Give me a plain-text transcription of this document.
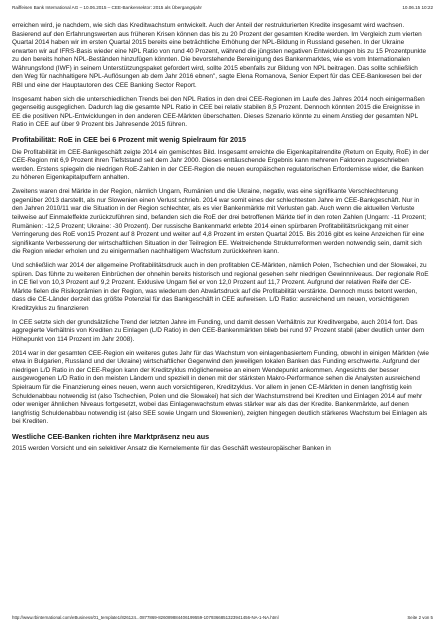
Raiffeisen Bank International AG – 10.06.2015 – CEE-Bankensektor: 2015 als Übergangsjahr	10.06.15 10:22

erreichen wird, je nachdem, wie sich das Kreditwachstum entwickelt. Auch der Anteil der restrukturierten Kredite insgesamt wird wachsen. Basierend auf den Erfahrungswerten aus früheren Krisen können das bis zu 20 Prozent der gesamten Kredite werden. Im Vergleich zum vierten Quartal 2014 haben wir im ersten Quartal 2015 bereits eine beträchtliche Erhöhung der NPL-Bildung in Russland gesehen. In der Ukraine erwarten wir auf IFRS-Basis wieder eine NPL Ratio von rund 40 Prozent, während die jüngsten negativen Entwicklungen bis zu 15 Prozentpunkte zu den bereits hohen NPL-Beständen hinzufügen könnten. Die bevorstehende Bereinigung des Bankenmarktes, wie es vom Internationalen Währungsfond (IWF) in seinem Unterstützungspaket gefordert wird, sollte 2015 ebenfalls zur Bildung von NPL beitragen. Das sollte schließlich den Weg für nachhaltigere NPL-Auflösungen ab dem Jahr 2016 ebnen", sagte Elena Romanova, Senior Expert für das CEE-Bankwesen bei der RBI und eine der Hauptautoren des CEE Banking Sector Report.

Insgesamt haben sich die unterschiedlichen Trends bei den NPL Ratios in den drei CEE-Regionen im Laufe des Jahres 2014 noch einigermaßen gegenseitig ausgeglichen. Dadurch lag die gesamte NPL Ratio in CEE bei relativ stabilen 8,5 Prozent. Dennoch könnten 2015 die Ereignisse in EE die positiven NPL-Entwicklungen in den anderen CEE-Märkten überschatten. Dieses Szenario könnte zu einem Anstieg der gesamten NPL Ratio in CEE auf über 9 Prozent bis Jahresende 2015 führen.

Profitabilität: RoE in CEE bei 6 Prozent mit wenig Spielraum für 2015

Die Profitabilität im CEE-Bankgeschäft zeigte 2014 ein gemischtes Bild. Insgesamt erreichte die Eigenkapitalrendite (Return on Equity, RoE) in der CEE-Region mit 6,9 Prozent ihren Tiefststand seit dem Jahr 2000. Dieses enttäuschende Ergebnis kann mehreren Faktoren zugeschrieben werden. Erstens spiegeln die niedrigen RoE-Zahlen in der CEE-Region die neuen europäischen regulatorischen Erfordernisse wider, die Banken zu höheren Eigenkapitalpuffern anhalten.

Zweitens waren drei Märkte in der Region, nämlich Ungarn, Rumänien und die Ukraine, negativ, was eine signifikante Verschlechterung gegenüber 2013 darstellt, als nur Slowenien einen Verlust schrieb. 2014 war somit eines der schlechtesten Jahre im CEE-Bankgeschäft. Nur in den Jahren 2010/11 war die Situation in der Region schlechter, als es vier Bankenmärkte mit Verlusten gab. Auch wenn die aktuellen Verluste teilweise auf Einmaleffekte zurückzuführen sind, befanden sich die RoE der drei betroffenen Märkte tief in den roten Zahlen (Ungarn: -11 Prozent; Rumänien: -12,5 Prozent; Ukraine: -30 Prozent). Der russische Bankenmarkt erlebte 2014 einen spürbaren Profitabilitätsrückgang mit einer Verringerung des RoE von15 Prozent auf 8 Prozent und weiter auf 4,8 Prozent im ersten Quartal 2015. Bis 2016 gibt es keine Anzeichen für eine signifikante Verbesserung der wirtschaftlichen Situation in der Teilregion EE. Weitreichende Strukturreformen werden notwendig sein, damit sich die Region wieder erholen und zu einigermaßen nachhaltigem Wachstum zurückkehren kann.

Und schließlich war 2014 der allgemeine Profitabilitätsdruck auch in den profitablen CE-Märkten, nämlich Polen, Tschechien und der Slowakei, zu spüren. Das führte zu weiteren Einbrüchen der ohnehin bereits historisch und regional gesehen sehr niedrigen Gewinnniveaus. Der regionale RoE in CE fiel von 10,3 Prozent auf 9,2 Prozent. Exklusive Ungarn fiel er von 12,0 Prozent auf 11,7 Prozent. Aufgrund der relativen Reife der CE-Märkte fielen die Risikoprämien in der Region, was wiederum den Abwärtsdruck auf die Profitabilität verstärkte. Dennoch muss betont werden, dass die CE-Länder derzeit das größte Potenzial für das Bankgeschäft in CEE aufweisen. L/D Ratio: ausreichend um neuen, vorsichtigeren Kreditzyklus zu finanzieren

In CEE setzte sich der grundsätzliche Trend der letzten Jahre im Funding, und damit dessen Verhältnis zur Kreditvergabe, auch 2014 fort. Das aggregierte Verhältnis von Krediten zu Einlagen (L/D Ratio) in den CEE-Bankenmärkten blieb bei rund 97 Prozent stabil (aber deutlich unter dem Höhepunkt von 114 Prozent im Jahr 2008).

2014 war in der gesamten CEE-Region ein weiteres gutes Jahr für das Wachstum von einlagenbasiertem Funding, obwohl in einigen Märkten (wie etwa in Bulgarien, Russland und der Ukraine) wirtschaftlicher Gegenwind den jeweiligen lokalen Banken das Funding erschwerte. Aufgrund der niedrigen L/D Ratio in der CEE-Region kann der Kreditzyklus möglicherweise an einem Wendepunkt ankommen. Angesichts der besser ausgewogenen L/D Ratio in den meisten Ländern und speziell in denen mit der stärksten Makro-Performance sehen die Analysten ausreichend Spielraum für die Finanzierung eines neuen, wenn auch vorsichtigeren, Kreditzyklus. Vor allem in jenen CE-Märkten in denen langfristig kein Schuldenabbau notwendig ist (also Tschechien, Polen und die Slowakei) hat sich der Wachstumstrend bei Krediten und Einlagen 2014 auf mehr oder weniger ähnlichen Niveaus fortgesetzt, wobei das Einlagenwachstum etwas stärker war als das der Kredite. Bankenmärkte, auf denen langfristig Schuldenabbau notwendig ist (also SEE sowie Ungarn und Slowenien), zeigten hingegen deutlich stärkeres Wachstum bei Einlagen als bei Krediten.

Westliche CEE-Banken richten ihre Marktpräsenz neu aus

2015 werden Vorsicht und ein selektiver Ansatz die Kernelemente für das Geschäft westeuropäischer Banken in

http://www.rbinternational.com/eBusiness/01_template1/826124...0877869-826089884406199559-1079366851323941456-NA-1-NA.html	Seite 2 von 5
